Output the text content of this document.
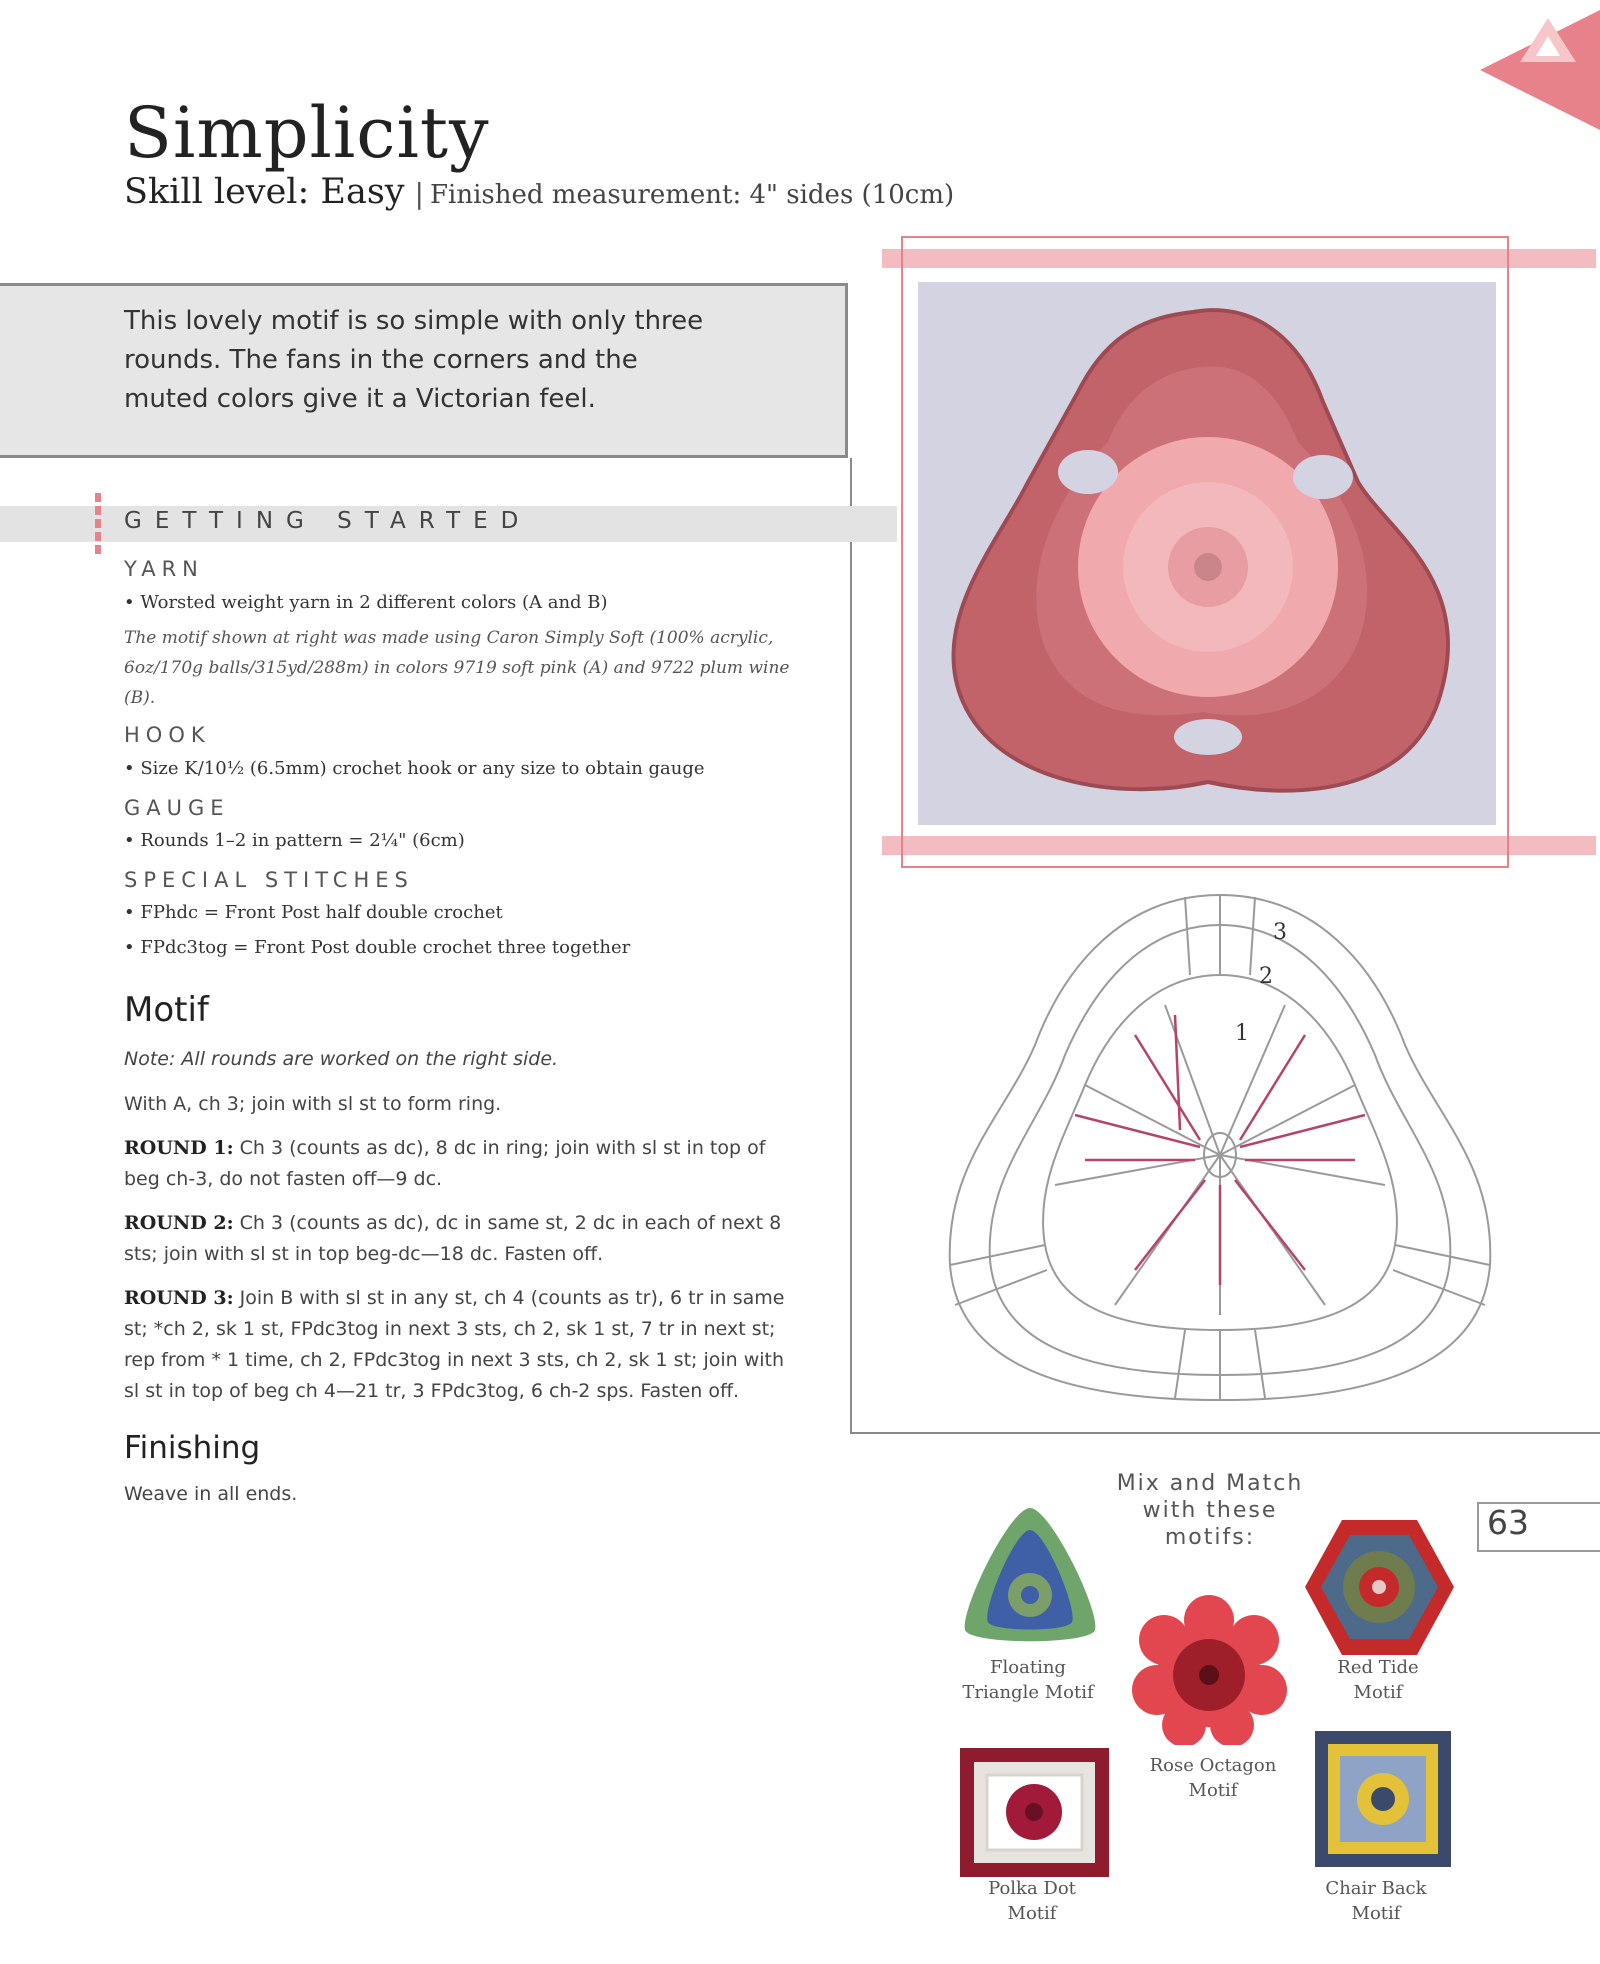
Simplicity
Skill level: Easy | Finished measurement: 4" sides (10cm)
This lovely motif is so simple with only three
rounds. The fans in the corners and the
muted colors give it a Victorian feel.
GETTING STARTED
YARN
• Worsted weight yarn in 2 different colors (A and B)
The motif shown at right was made using Caron Simply Soft (100% acrylic,
6oz/170g balls/315yd/288m) in colors 9719 soft pink (A) and 9722 plum wine
(B).
HOOK
• Size K/10½ (6.5mm) crochet hook or any size to obtain gauge
GAUGE
• Rounds 1–2 in pattern = 2¼" (6cm)
SPECIAL STITCHES
• FPhdc = Front Post half double crochet
• FPdc3tog = Front Post double crochet three together
Motif
Note: All rounds are worked on the right side.
With A, ch 3; join with sl st to form ring.
ROUND 1: Ch 3 (counts as dc), 8 dc in ring; join with sl st in top of
beg ch-3, do not fasten off—9 dc.
ROUND 2: Ch 3 (counts as dc), dc in same st, 2 dc in each of next 8
sts; join with sl st in top beg-dc—18 dc. Fasten off.
ROUND 3: Join B with sl st in any st, ch 4 (counts as tr), 6 tr in same
st; *ch 2, sk 1 st, FPdc3tog in next 3 sts, ch 2, sk 1 st, 7 tr in next st;
rep from * 1 time, ch 2, FPdc3tog in next 3 sts, ch 2, sk 1 st; join with
sl st in top of beg ch 4—21 tr, 3 FPdc3tog, 6 ch-2 sps. Fasten off.
Finishing
Weave in all ends.
3
2
1
Mix and Match
with these
motifs:	63
Floating
Triangle Motif
Red Tide
Motif
Rose Octagon
Motif
Polka Dot
Motif
Chair Back
Motif
